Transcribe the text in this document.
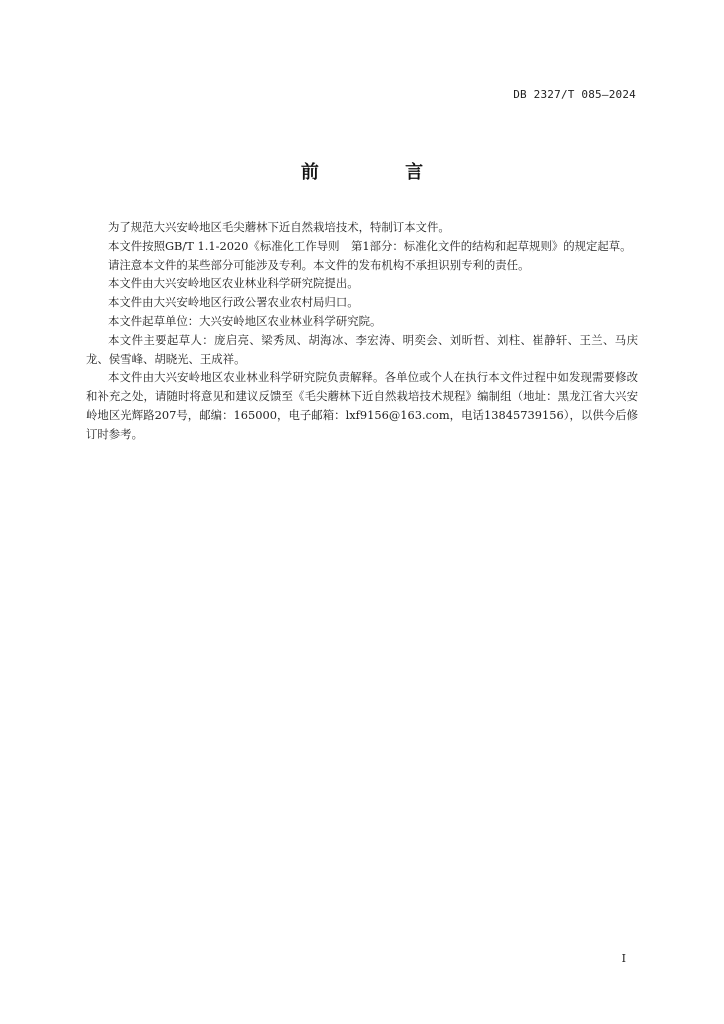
DB 2327/T 085—2024
前 言

为了规范大兴安岭地区毛尖蘑林下近自然栽培技术，特制订本文件。

本文件按照GB/T 1.1-2020《标准化工作导则　第1部分：标准化文件的结构和起草规则》的规定起草。

请注意本文件的某些部分可能涉及专利。本文件的发布机构不承担识别专利的责任。

本文件由大兴安岭地区农业林业科学研究院提出。

本文件由大兴安岭地区行政公署农业农村局归口。

本文件起草单位：大兴安岭地区农业林业科学研究院。

本文件主要起草人：庞启亮、梁秀凤、胡海冰、李宏涛、明奕会、刘昕哲、刘柱、崔静轩、王兰、马庆龙、侯雪峰、胡晓光、王成祥。

本文件由大兴安岭地区农业林业科学研究院负责解释。各单位或个人在执行本文件过程中如发现需要修改和补充之处，请随时将意见和建议反馈至《毛尖蘑林下近自然栽培技术规程》编制组（地址：黑龙江省大兴安岭地区光辉路207号，邮编：165000，电子邮箱：lxf9156@163.com，电话13845739156），以供今后修订时参考。

I
